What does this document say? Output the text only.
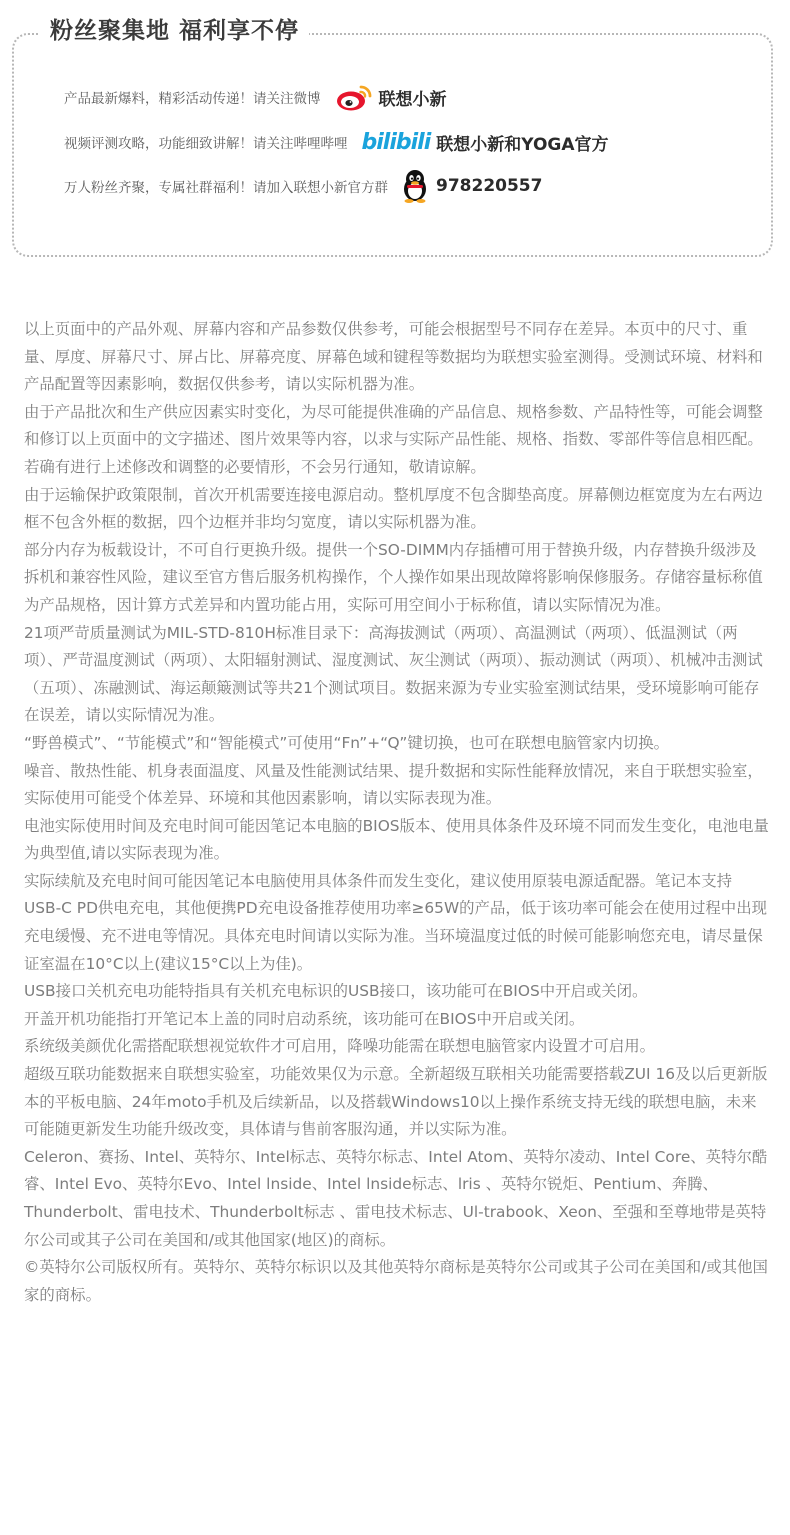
粉丝聚集地 福利享不停
产品最新爆料，精彩活动传递！请关注微博	联想小新
视频评测攻略，功能细致讲解！请关注哔哩哔哩 bilibili 联想小新和YOGA官方
万人粉丝齐聚，专属社群福利！请加入联想小新官方群	978220557

以上页面中的产品外观、屏幕内容和产品参数仅供参考，可能会根据型号不同存在差异。本页中的尺寸、重量、厚度、屏幕尺寸、屏占比、屏幕亮度、屏幕色域和键程等数据均为联想实验室测得。受测试环境、材料和产品配置等因素影响，数据仅供参考，请以实际机器为准。

由于产品批次和生产供应因素实时变化，为尽可能提供准确的产品信息、规格参数、产品特性等，可能会调整和修订以上页面中的文字描述、图片效果等内容，以求与实际产品性能、规格、指数、零部件等信息相匹配。若确有进行上述修改和调整的必要情形，不会另行通知，敬请谅解。

由于运输保护政策限制，首次开机需要连接电源启动。整机厚度不包含脚垫高度。屏幕侧边框宽度为左右两边框不包含外框的数据，四个边框并非均匀宽度，请以实际机器为准。

部分内存为板载设计，不可自行更换升级。提供一个SO-DIMM内存插槽可用于替换升级，内存替换升级涉及拆机和兼容性风险，建议至官方售后服务机构操作，个人操作如果出现故障将影响保修服务。存储容量标称值为产品规格，因计算方式差异和内置功能占用，实际可用空间小于标称值，请以实际情况为准。

21项严苛质量测试为MIL-STD-810H标准目录下：高海拔测试（两项）、高温测试（两项）、低温测试（两项）、严苛温度测试（两项）、太阳辐射测试、湿度测试、灰尘测试（两项）、振动测试（两项）、机械冲击测试（五项）、冻融测试、海运颠簸测试等共21个测试项目。数据来源为专业实验室测试结果，受环境影响可能存在误差，请以实际情况为准。

“野兽模式”、“节能模式”和“智能模式”可使用“Fn”+“Q”键切换，也可在联想电脑管家内切换。

噪音、散热性能、机身表面温度、风量及性能测试结果、提升数据和实际性能释放情况，来自于联想实验室，实际使用可能受个体差异、环境和其他因素影响，请以实际表现为准。

电池实际使用时间及充电时间可能因笔记本电脑的BIOS版本、使用具体条件及环境不同而发生变化，电池电量为典型值,请以实际表现为准。

实际续航及充电时间可能因笔记本电脑使用具体条件而发生变化，建议使用原装电源适配器。笔记本支持USB-C PD供电充电，其他便携PD充电设备推荐使用功率≥65W的产品，低于该功率可能会在使用过程中出现充电缓慢、充不进电等情况。具体充电时间请以实际为准。当环境温度过低的时候可能影响您充电，请尽量保证室温在10°C以上(建议15°C以上为佳)。

USB接口关机充电功能特指具有关机充电标识的USB接口，该功能可在BIOS中开启或关闭。

开盖开机功能指打开笔记本上盖的同时启动系统，该功能可在BIOS中开启或关闭。

系统级美颜优化需搭配联想视觉软件才可启用，降噪功能需在联想电脑管家内设置才可启用。

超级互联功能数据来自联想实验室，功能效果仅为示意。全新超级互联相关功能需要搭载ZUI 16及以后更新版本的平板电脑、24年moto手机及后续新品，以及搭载Windows10以上操作系统支持无线的联想电脑，未来可能随更新发生功能升级改变，具体请与售前客服沟通，并以实际为准。

Celeron、赛扬、Intel、英特尔、Intel标志、英特尔标志、Intel Atom、英特尔凌动、Intel Core、英特尔酷睿、Intel Evo、英特尔Evo、Intel lnside、Intel lnside标志、lris 、英特尔锐炬、Pentium、奔腾、Thunderbolt、雷电技术、Thunderbolt标志 、雷电技术标志、Ul-trabook、Xeon、至强和至尊地带是英特尔公司或其子公司在美国和/或其他国家(地区)的商标。

©英特尔公司版权所有。英特尔、英特尔标识以及其他英特尔商标是英特尔公司或其子公司在美国和/或其他国家的商标。
